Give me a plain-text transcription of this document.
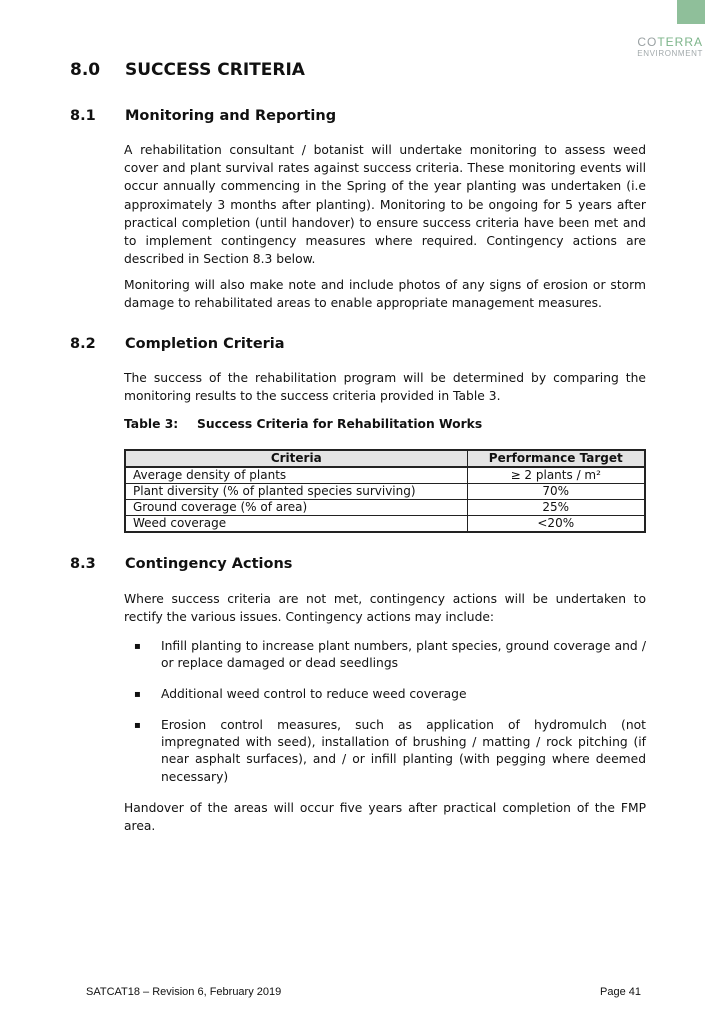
COTERRA
ENVIRONMENT
8.0 SUCCESS CRITERIA
8.1 Monitoring and Reporting

A rehabilitation consultant / botanist will undertake monitoring to assess weed cover and plant survival rates against success criteria. These monitoring events will occur annually commencing in the Spring of the year planting was undertaken (i.e approximately 3 months after planting). Monitoring to be ongoing for 5 years after practical completion (until handover) to ensure success criteria have been met and to implement contingency measures where required. Contingency actions are described in Section 8.3 below.

Monitoring will also make note and include photos of any signs of erosion or storm damage to rehabilitated areas to enable appropriate management measures.

8.2 Completion Criteria

The success of the rehabilitation program will be determined by comparing the monitoring results to the success criteria provided in Table 3.

Table 3: Success Criteria for Rehabilitation Works
Criteria	Performance Target
Average density of plants	≥ 2 plants / m²
Plant diversity (% of planted species surviving)	70%
Ground coverage (% of area)	25%
Weed coverage	<20%
8.3 Contingency Actions

Where success criteria are not met, contingency actions will be undertaken to rectify the various issues. Contingency actions may include:

▪ Infill planting to increase plant numbers, plant species, ground coverage and / or replace damaged or dead seedlings
▪ Additional weed control to reduce weed coverage
▪ Erosion control measures, such as application of hydromulch (not impregnated with seed), installation of brushing / matting / rock pitching (if near asphalt surfaces), and / or infill planting (with pegging where deemed necessary)

Handover of the areas will occur five years after practical completion of the FMP area.

SATCAT18 – Revision 6, February 2019	Page 41
